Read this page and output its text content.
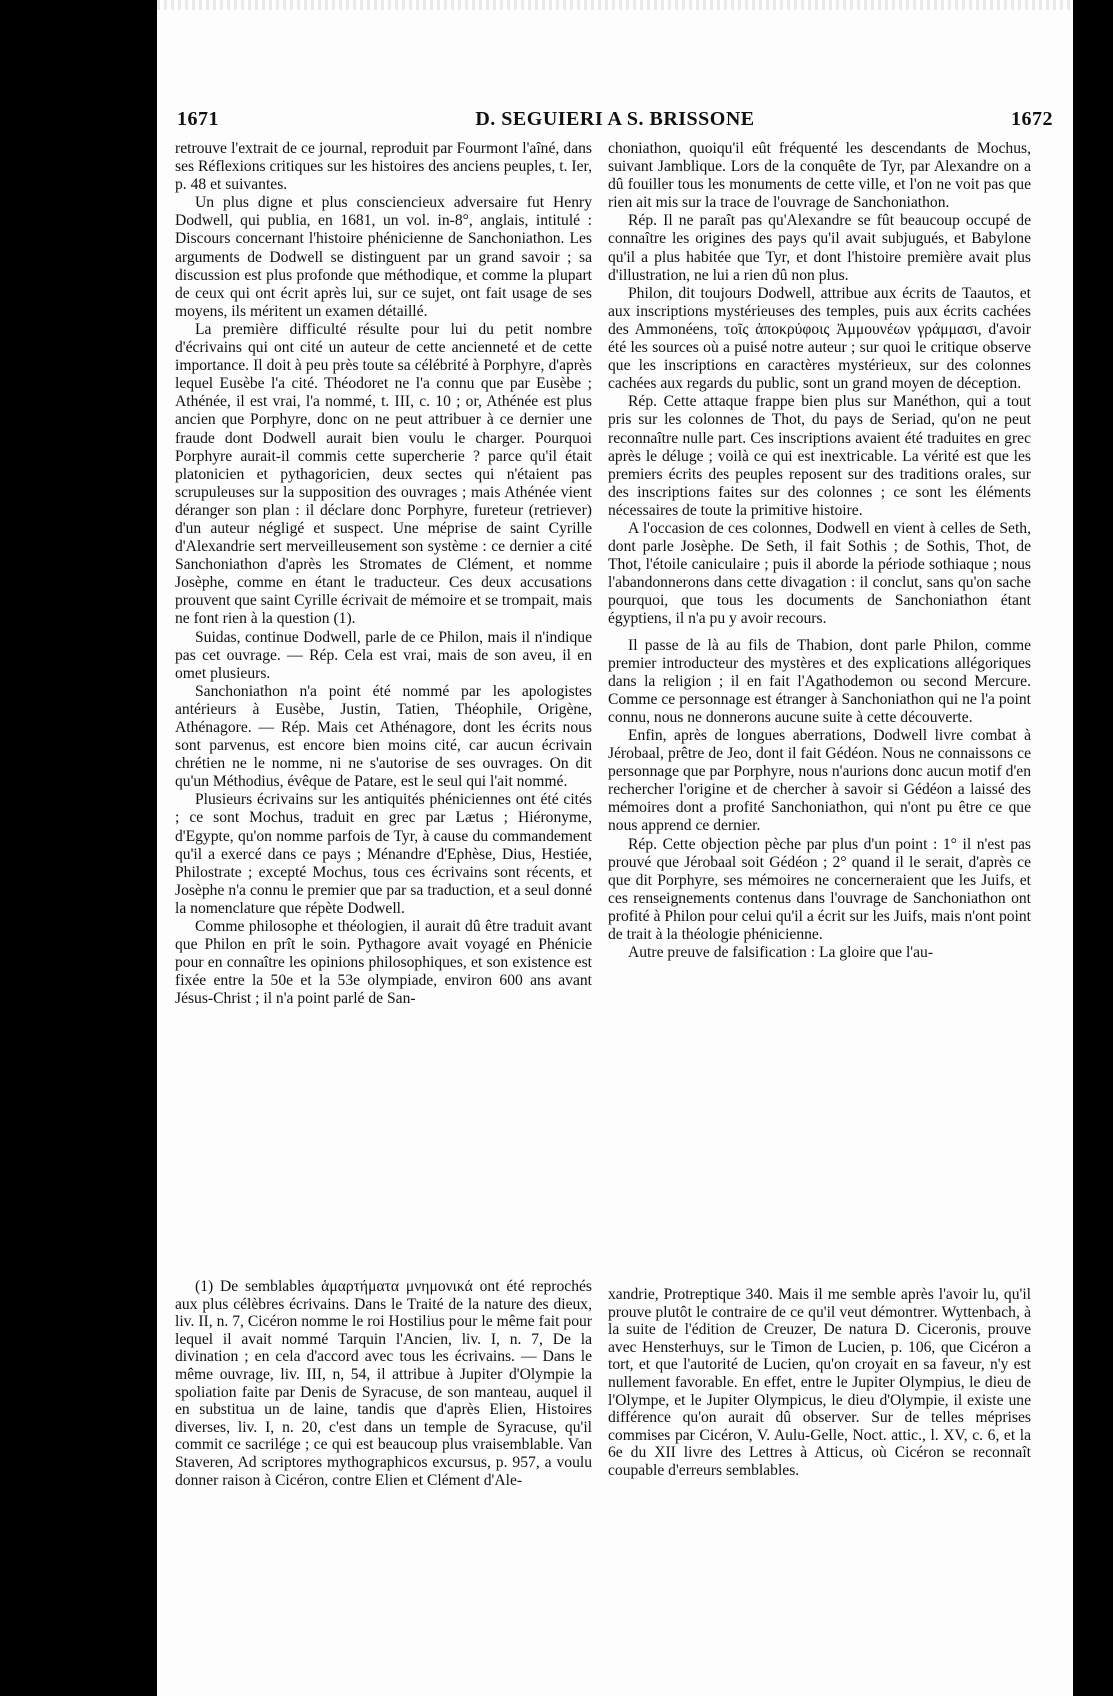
1671	D. SEGUIERI A S. BRISSONE	1672

retrouve l'extrait de ce journal, reproduit par Fourmont l'aîné, dans ses Réflexions critiques sur les histoires des anciens peuples, t. Ier, p. 48 et suivantes.

Un plus digne et plus consciencieux adversaire fut Henry Dodwell, qui publia, en 1681, un vol. in-8°, anglais, intitulé : Discours concernant l'histoire phénicienne de Sanchoniathon. Les arguments de Dodwell se distinguent par un grand savoir ; sa discussion est plus profonde que méthodique, et comme la plupart de ceux qui ont écrit après lui, sur ce sujet, ont fait usage de ses moyens, ils méritent un examen détaillé.

La première difficulté résulte pour lui du petit nombre d'écrivains qui ont cité un auteur de cette ancienneté et de cette importance. Il doit à peu près toute sa célébrité à Porphyre, d'après lequel Eusèbe l'a cité. Théodoret ne l'a connu que par Eusèbe ; Athénée, il est vrai, l'a nommé, t. III, c. 10 ; or, Athénée est plus ancien que Porphyre, donc on ne peut attribuer à ce dernier une fraude dont Dodwell aurait bien voulu le charger. Pourquoi Porphyre aurait-il commis cette supercherie ? parce qu'il était platonicien et pythagoricien, deux sectes qui n'étaient pas scrupuleuses sur la supposition des ouvrages ; mais Athénée vient déranger son plan : il déclare donc Porphyre, fureteur (retriever) d'un auteur négligé et suspect. Une méprise de saint Cyrille d'Alexandrie sert merveilleusement son système : ce dernier a cité Sanchoniathon d'après les Stromates de Clément, et nomme Josèphe, comme en étant le traducteur. Ces deux accusations prouvent que saint Cyrille écrivait de mémoire et se trompait, mais ne font rien à la question (1).

Suidas, continue Dodwell, parle de ce Philon, mais il n'indique pas cet ouvrage. — Rép. Cela est vrai, mais de son aveu, il en omet plusieurs.

Sanchoniathon n'a point été nommé par les apologistes antérieurs à Eusèbe, Justin, Tatien, Théophile, Origène, Athénagore. — Rép. Mais cet Athénagore, dont les écrits nous sont parvenus, est encore bien moins cité, car aucun écrivain chrétien ne le nomme, ni ne s'autorise de ses ouvrages. On dit qu'un Méthodius, évêque de Patare, est le seul qui l'ait nommé.

Plusieurs écrivains sur les antiquités phéniciennes ont été cités ; ce sont Mochus, traduit en grec par Lætus ; Hiéronyme, d'Egypte, qu'on nomme parfois de Tyr, à cause du commandement qu'il a exercé dans ce pays ; Ménandre d'Ephèse, Dius, Hestiée, Philostrate ; excepté Mochus, tous ces écrivains sont récents, et Josèphe n'a connu le premier que par sa traduction, et a seul donné la nomenclature que répète Dodwell.

Comme philosophe et théologien, il aurait dû être traduit avant que Philon en prît le soin. Pythagore avait voyagé en Phénicie pour en connaître les opinions philosophiques, et son existence est fixée entre la 50e et la 53e olympiade, environ 600 ans avant Jésus-Christ ; il n'a point parlé de San-

choniathon, quoiqu'il eût fréquenté les descendants de Mochus, suivant Jamblique. Lors de la conquête de Tyr, par Alexandre on a dû fouiller tous les monuments de cette ville, et l'on ne voit pas que rien ait mis sur la trace de l'ouvrage de Sanchoniathon.

Rép. Il ne paraît pas qu'Alexandre se fût beaucoup occupé de connaître les origines des pays qu'il avait subjugués, et Babylone qu'il a plus habitée que Tyr, et dont l'histoire première avait plus d'illustration, ne lui a rien dû non plus.

Philon, dit toujours Dodwell, attribue aux écrits de Taautos, et aux inscriptions mystérieuses des temples, puis aux écrits cachées des Ammonéens, τοῖς ἀποκρύφοις Ἀμμουνέων γράμμασι, d'avoir été les sources où a puisé notre auteur ; sur quoi le critique observe que les inscriptions en caractères mystérieux, sur des colonnes cachées aux regards du public, sont un grand moyen de déception.

Rép. Cette attaque frappe bien plus sur Manéthon, qui a tout pris sur les colonnes de Thot, du pays de Seriad, qu'on ne peut reconnaître nulle part. Ces inscriptions avaient été traduites en grec après le déluge ; voilà ce qui est inextricable. La vérité est que les premiers écrits des peuples reposent sur des traditions orales, sur des inscriptions faites sur des colonnes ; ce sont les éléments nécessaires de toute la primitive histoire.

A l'occasion de ces colonnes, Dodwell en vient à celles de Seth, dont parle Josèphe. De Seth, il fait Sothis ; de Sothis, Thot, de Thot, l'étoile caniculaire ; puis il aborde la période sothiaque ; nous l'abandonnerons dans cette divagation : il conclut, sans qu'on sache pourquoi, que tous les documents de Sanchoniathon étant égyptiens, il n'a pu y avoir recours.

Il passe de là au fils de Thabion, dont parle Philon, comme premier introducteur des mystères et des explications allégoriques dans la religion ; il en fait l'Agathodemon ou second Mercure. Comme ce personnage est étranger à Sanchoniathon qui ne l'a point connu, nous ne donnerons aucune suite à cette découverte.

Enfin, après de longues aberrations, Dodwell livre combat à Jérobaal, prêtre de Jeo, dont il fait Gédéon. Nous ne connaissons ce personnage que par Porphyre, nous n'aurions donc aucun motif d'en rechercher l'origine et de chercher à savoir si Gédéon a laissé des mémoires dont a profité Sanchoniathon, qui n'ont pu être ce que nous apprend ce dernier.

Rép. Cette objection pèche par plus d'un point : 1° il n'est pas prouvé que Jérobaal soit Gédéon ; 2° quand il le serait, d'après ce que dit Porphyre, ses mémoires ne concerneraient que les Juifs, et ces renseignements contenus dans l'ouvrage de Sanchoniathon ont profité à Philon pour celui qu'il a écrit sur les Juifs, mais n'ont point de trait à la théologie phénicienne.

Autre preuve de falsification : La gloire que l'au-

(1) De semblables ἁμαρτήματα μνημονικά ont été reprochés aux plus célèbres écrivains. Dans le Traité de la nature des dieux, liv. II, n. 7, Cicéron nomme le roi Hostilius pour le même fait pour lequel il avait nommé Tarquin l'Ancien, liv. I, n. 7, De la divination ; en cela d'accord avec tous les écrivains. — Dans le même ouvrage, liv. III, n, 54, il attribue à Jupiter d'Olympie la spoliation faite par Denis de Syracuse, de son manteau, auquel il en substitua un de laine, tandis que d'après Elien, Histoires diverses, liv. I, n. 20, c'est dans un temple de Syracuse, qu'il commit ce sacrilége ; ce qui est beaucoup plus vraisemblable. Van Staveren, Ad scriptores mythographicos excursus, p. 957, a voulu donner raison à Cicéron, contre Elien et Clément d'Ale-

xandrie, Protreptique 340. Mais il me semble après l'avoir lu, qu'il prouve plutôt le contraire de ce qu'il veut démontrer. Wyttenbach, à la suite de l'édition de Creuzer, De natura D. Ciceronis, prouve avec Hensterhuys, sur le Timon de Lucien, p. 106, que Cicéron a tort, et que l'autorité de Lucien, qu'on croyait en sa faveur, n'y est nullement favorable. En effet, entre le Jupiter Olympius, le dieu de l'Olympe, et le Jupiter Olympicus, le dieu d'Olympie, il existe une différence qu'on aurait dû observer. Sur de telles méprises commises par Cicéron, V. Aulu-Gelle, Noct. attic., l. XV, c. 6, et la 6e du XII livre des Lettres à Atticus, où Cicéron se reconnaît coupable d'erreurs semblables.
